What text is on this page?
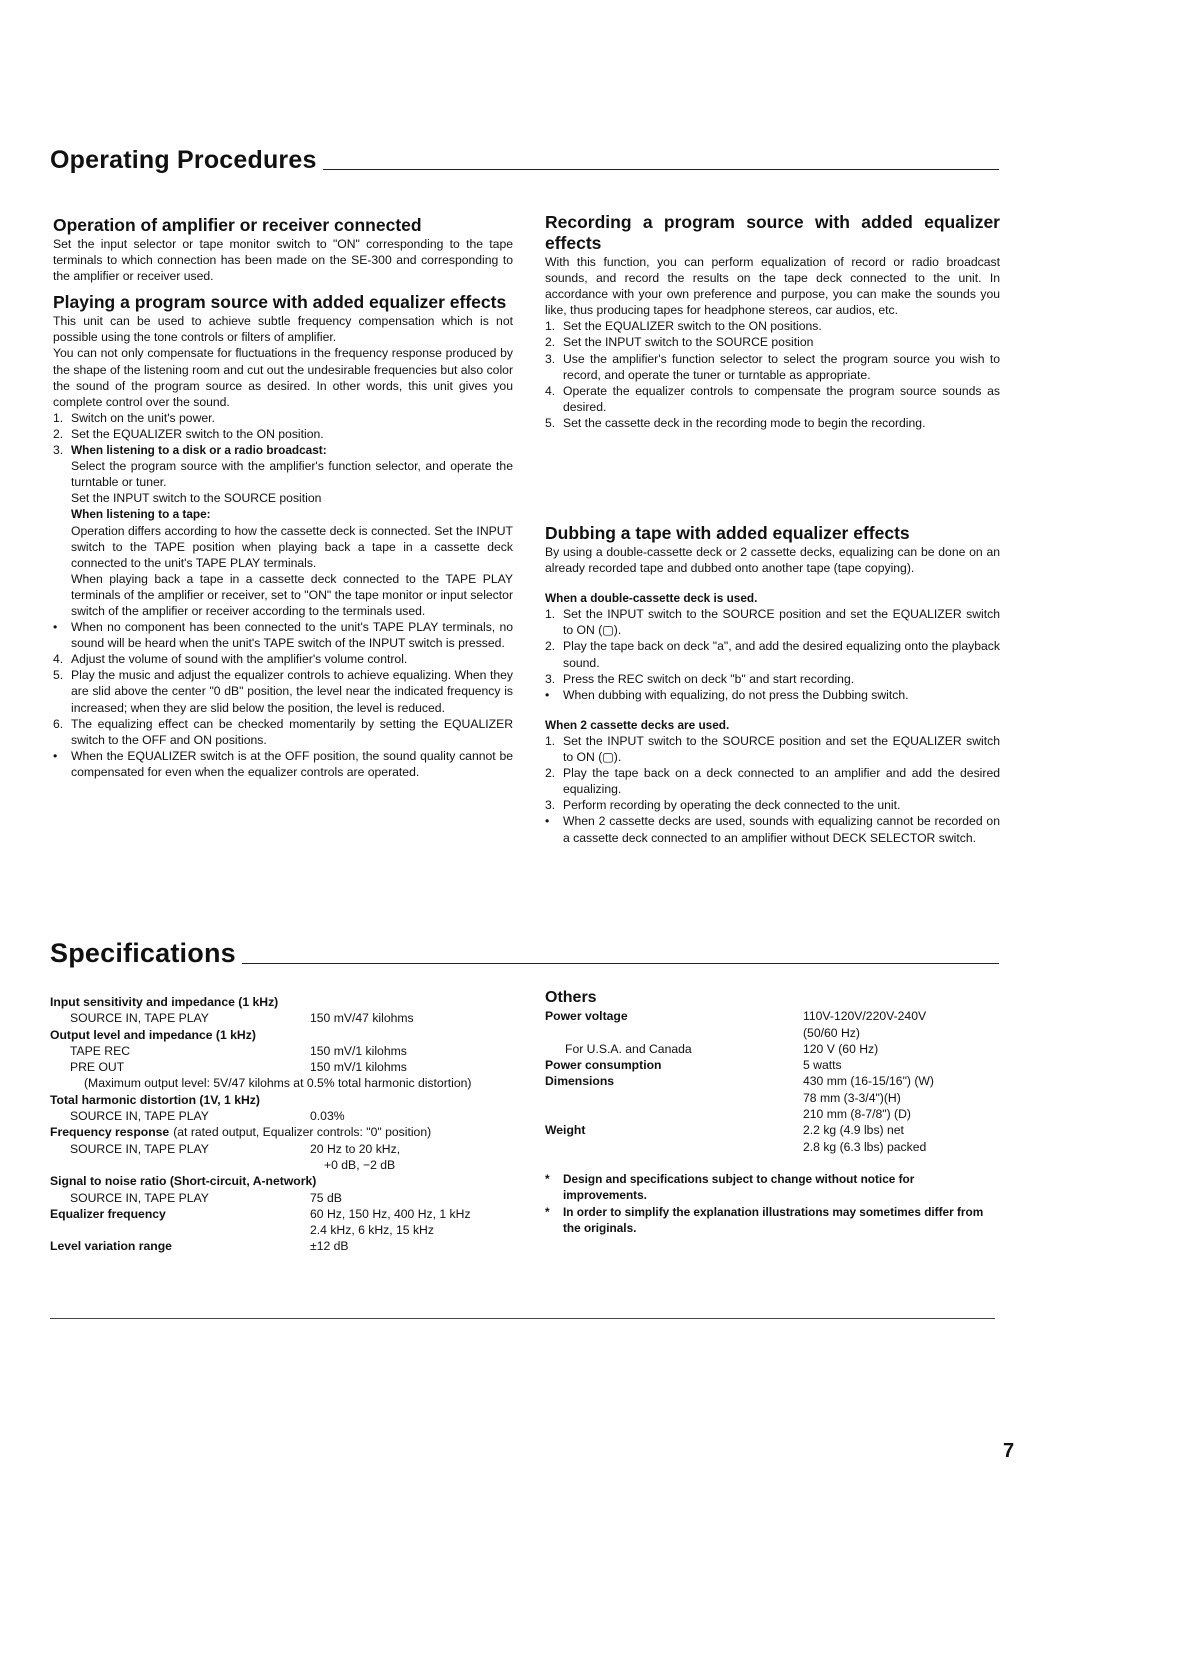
Operating Procedures
Operation of amplifier or receiver connected

Set the input selector or tape monitor switch to "ON" corresponding to the tape terminals to which connection has been made on the SE-300 and corresponding to the amplifier or receiver used.

Playing a program source with added equalizer effects

This unit can be used to achieve subtle frequency compensation which is not possible using the tone controls or filters of amplifier.

You can not only compensate for fluctuations in the frequency response produced by the shape of the listening room and cut out the undesirable frequencies but also color the sound of the program source as desired. In other words, this unit gives you complete control over the sound.

1. Switch on the unit's power.
2. Set the EQUALIZER switch to the ON position.
3. When listening to a disk or a radio broadcast:
Select the program source with the amplifier's function selector, and operate the turntable or tuner.
Set the INPUT switch to the SOURCE position
When listening to a tape:
Operation differs according to how the cassette deck is connected. Set the INPUT switch to the TAPE position when playing back a tape in a cassette deck connected to the unit's TAPE PLAY terminals.
When playing back a tape in a cassette deck connected to the TAPE PLAY terminals of the amplifier or receiver, set to "ON" the tape monitor or input selector switch of the amplifier or receiver according to the terminals used.
•	When no component has been connected to the unit's TAPE PLAY terminals, no sound will be heard when the unit's TAPE switch of the INPUT switch is pressed.
4. Adjust the volume of sound with the amplifier's volume control.
5. Play the music and adjust the equalizer controls to achieve equalizing. When they are slid above the center "0 dB" position, the level near the indicated frequency is increased; when they are slid below the position, the level is reduced.
6. The equalizing effect can be checked momentarily by setting the EQUALIZER switch to the OFF and ON positions.
•	When the EQUALIZER switch is at the OFF position, the sound quality cannot be compensated for even when the equalizer controls are operated.
Recording a program source with added equalizer effects

With this function, you can perform equalization of record or radio broadcast sounds, and record the results on the tape deck connected to the unit. In accordance with your own preference and purpose, you can make the sounds you like, thus producing tapes for headphone stereos, car audios, etc.

1. Set the EQUALIZER switch to the ON positions.
2. Set the INPUT switch to the SOURCE position
3. Use the amplifier's function selector to select the program source you wish to record, and operate the tuner or turntable as appropriate.
4. Operate the equalizer controls to compensate the program source sounds as desired.
5. Set the cassette deck in the recording mode to begin the recording.
Dubbing a tape with added equalizer effects

By using a double-cassette deck or 2 cassette decks, equalizing can be done on an already recorded tape and dubbed onto another tape (tape copying).

When a double-cassette deck is used.

1. Set the INPUT switch to the SOURCE position and set the EQUALIZER switch to ON (▢).
2. Play the tape back on deck "a", and add the desired equalizing onto the playback sound.
3. Press the REC switch on deck "b" and start recording.
•	When dubbing with equalizing, do not press the Dubbing switch.

When 2 cassette decks are used.

1. Set the INPUT switch to the SOURCE position and set the EQUALIZER switch to ON (▢).
2. Play the tape back on a deck connected to an amplifier and add the desired equalizing.
3. Perform recording by operating the deck connected to the unit.
•	When 2 cassette decks are used, sounds with equalizing cannot be recorded on a cassette deck connected to an amplifier without DECK SELECTOR switch.
Specifications
Input sensitivity and impedance (1 kHz)
SOURCE IN, TAPE PLAY	150 mV/47 kilohms
Output level and impedance (1 kHz)
TAPE REC	150 mV/1 kilohms
PRE OUT	150 mV/1 kilohms
(Maximum output level: 5V/47 kilohms at 0.5% total harmonic distortion)
Total harmonic distortion (1V, 1 kHz)
SOURCE IN, TAPE PLAY	0.03%
Frequency response (at rated output, Equalizer controls: "0" position)
SOURCE IN, TAPE PLAY	20 Hz to 20 kHz,
+0 dB, −2 dB
Signal to noise ratio (Short-circuit, A-network)
SOURCE IN, TAPE PLAY	75 dB
Equalizer frequency	60 Hz, 150 Hz, 400 Hz, 1 kHz
2.4 kHz, 6 kHz, 15 kHz
Level variation range	±12 dB
Others
Power voltage	110V-120V/220V-240V
(50/60 Hz)
For U.S.A. and Canada	120 V (60 Hz)
Power consumption	5 watts
Dimensions	430 mm (16-15/16") (W)
78 mm (3-3/4")(H)
210 mm (8-7/8") (D)
Weight	2.2 kg (4.9 lbs) net
2.8 kg (6.3 lbs) packed
*	Design and specifications subject to change without notice for improvements.
*	In order to simplify the explanation illustrations may sometimes differ from the originals.
7
